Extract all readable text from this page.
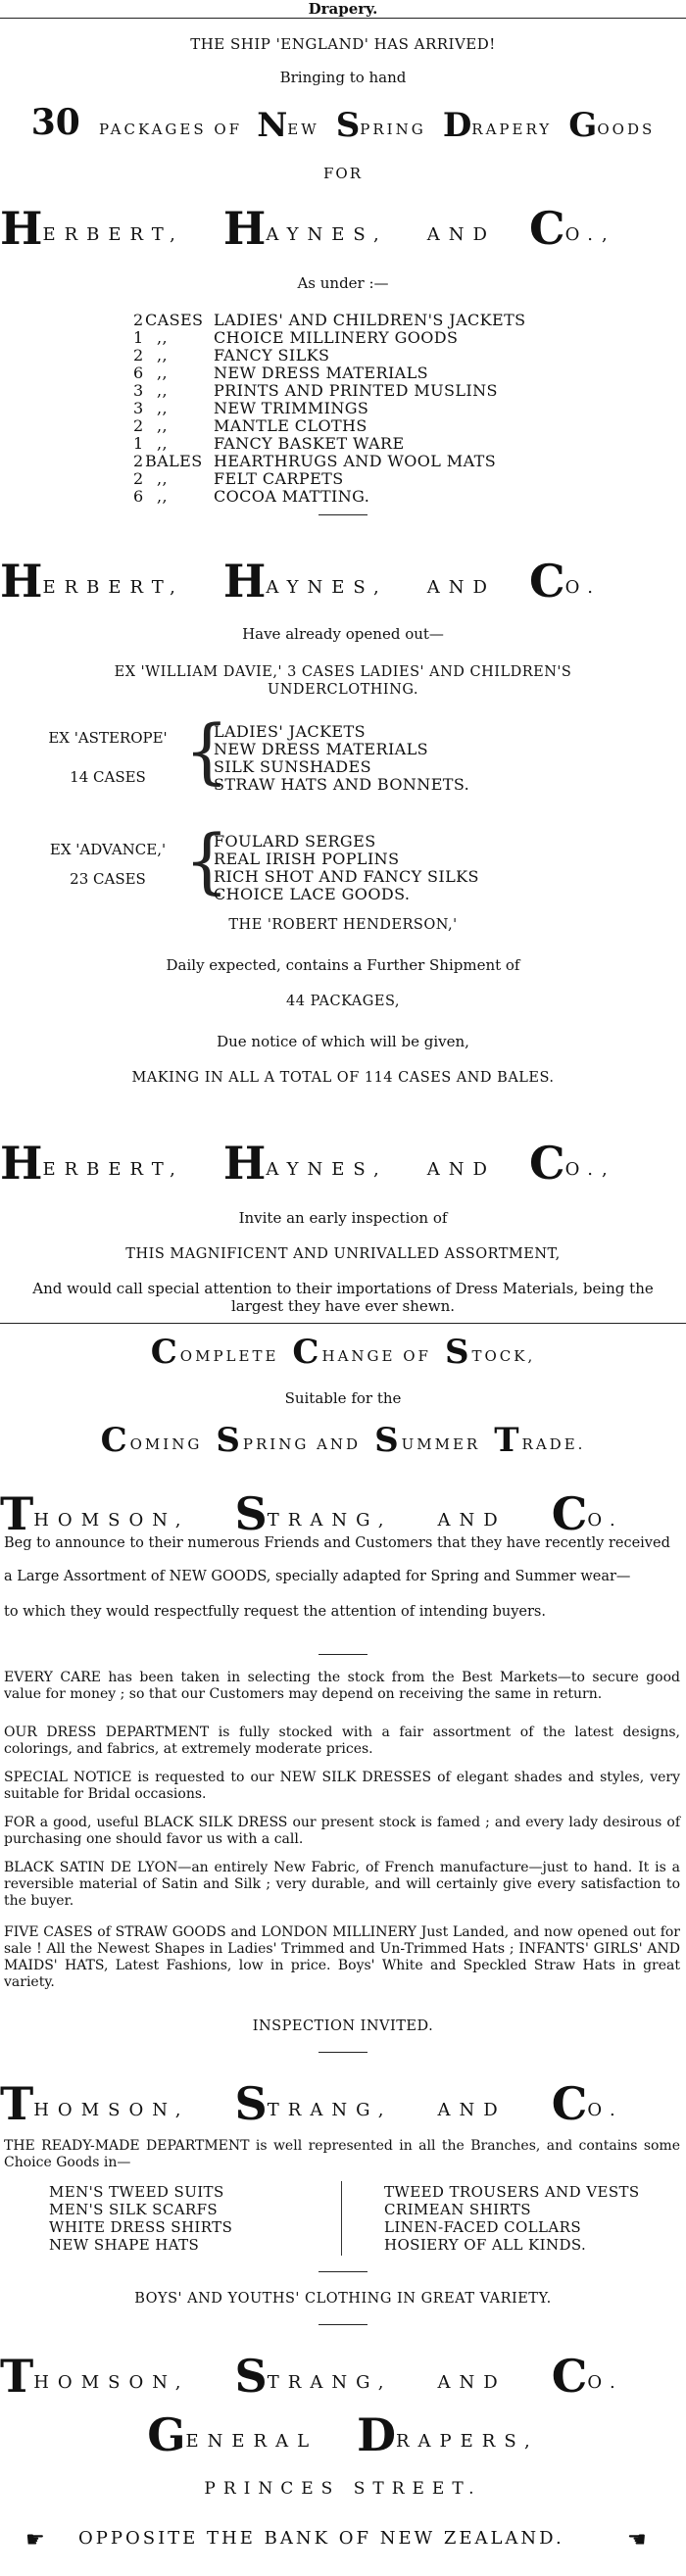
Drapery.
THE SHIP 'ENGLAND' HAS ARRIVED!
Bringing to hand
30 PACKAGES OF NEW SPRING DRAPERY GOODS
FOR
HERBERT, HAYNES, AND CO.,
As under :—
2CASES LADIES' AND CHILDREN'S JACKETS
1 ,,	CHOICE MILLINERY GOODS
2 ,,	FANCY SILKS
6 ,,	NEW DRESS MATERIALS
3 ,,	PRINTS AND PRINTED MUSLINS
3 ,,	NEW TRIMMINGS
2 ,,	MANTLE CLOTHS
1 ,,	FANCY BASKET WARE
2BALES HEARTHRUGS AND WOOL MATS
2 ,,	FELT CARPETS
6 ,,	COCOA MATTING.
HERBERT, HAYNES, AND CO.
Have already opened out—
EX 'WILLIAM DAVIE,' 3 CASES LADIES' AND CHILDREN'S
UNDERCLOTHING.
EX 'ASTEROPE'
14 CASES {
LADIES' JACKETS
NEW DRESS MATERIALS
SILK SUNSHADES
STRAW HATS AND BONNETS.
EX 'ADVANCE,'
23 CASES {
FOULARD SERGES
REAL IRISH POPLINS
RICH SHOT AND FANCY SILKS
CHOICE LACE GOODS.
THE 'ROBERT HENDERSON,'
Daily expected, contains a Further Shipment of
44 PACKAGES,
Due notice of which will be given,
MAKING IN ALL A TOTAL OF 114 CASES AND BALES.
HERBERT, HAYNES, AND CO.,
Invite an early inspection of
THIS MAGNIFICENT AND UNRIVALLED ASSORTMENT,
And would call special attention to their importations of Dress Materials, being the
largest they have ever shewn.
COMPLETE CHANGE OF STOCK,
Suitable for the
COMING SPRING AND SUMMER TRADE.
THOMSON, STRANG,	AND CO.
Beg to announce to their numerous Friends and Customers that they have recently received
a Large Assortment of NEW GOODS, specially adapted for Spring and Summer wear—
to which they would respectfully request the attention of intending buyers.
EVERY CARE has been taken in selecting the stock from the Best Markets—to secure good value for money ; so that our Customers may depend on receiving the same in return.
OUR DRESS DEPARTMENT is fully stocked with a fair assortment of the latest designs, colorings, and fabrics, at extremely moderate prices.
SPECIAL NOTICE is requested to our NEW SILK DRESSES of elegant shades and styles, very suitable for Bridal occasions.
FOR a good, useful BLACK SILK DRESS our present stock is famed ; and every lady desirous of purchasing one should favor us with a call.
BLACK SATIN DE LYON—an entirely New Fabric, of French manufacture—just to hand. It is a reversible material of Satin and Silk ; very durable, and will certainly give every satisfaction to the buyer.
FIVE CASES of STRAW GOODS and LONDON MILLINERY Just Landed, and now opened out for sale ! All the Newest Shapes in Ladies' Trimmed and Un-Trimmed Hats ; INFANTS' GIRLS' AND MAIDS' HATS, Latest Fashions, low in price. Boys' White and Speckled Straw Hats in great variety.
INSPECTION INVITED.
THOMSON, STRANG,	AND CO.
THE READY-MADE DEPARTMENT is well represented in all the Branches, and contains some Choice Goods in—
MEN'S TWEED SUITS
MEN'S SILK SCARFS
WHITE DRESS SHIRTS
NEW SHAPE HATS
TWEED TROUSERS AND VESTS
CRIMEAN SHIRTS
LINEN-FACED COLLARS
HOSIERY OF ALL KINDS.
BOYS' AND YOUTHS' CLOTHING IN GREAT VARIETY.
THOMSON, STRANG,	AND CO.
GENERAL DRAPERS,
PRINCES STREET.
☛ OPPOSITE THE BANK OF NEW ZEALAND.	☚
